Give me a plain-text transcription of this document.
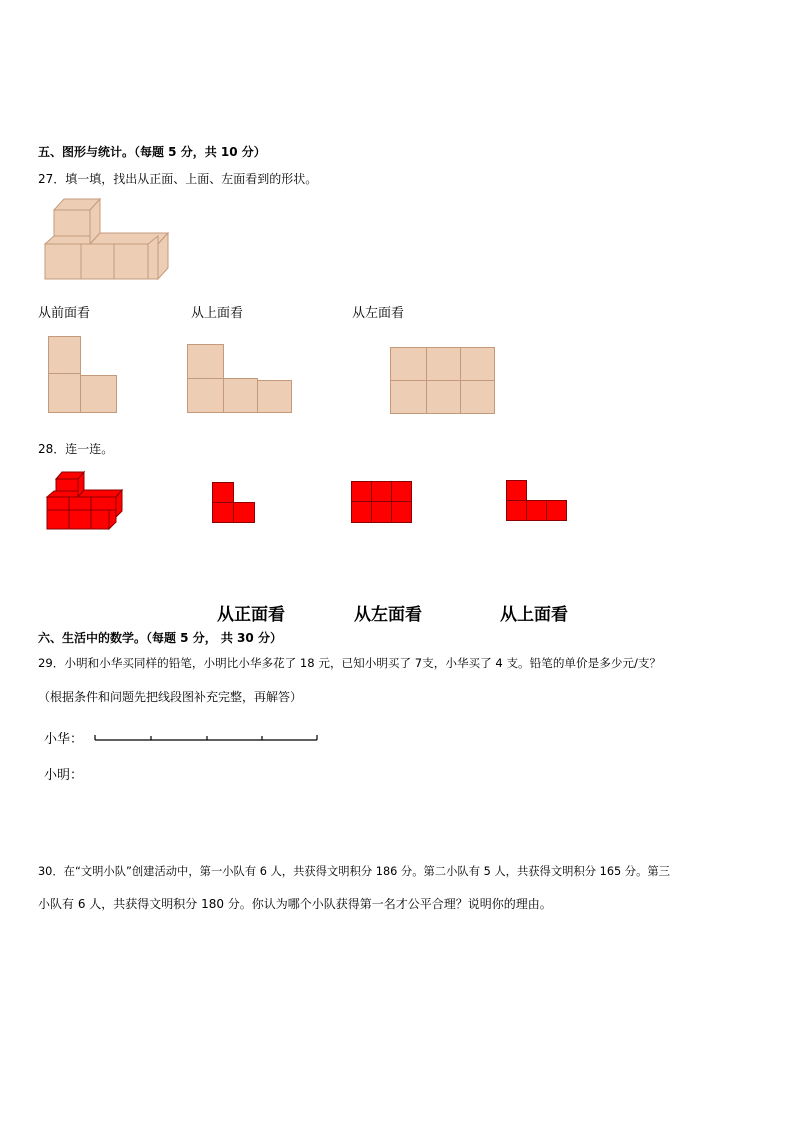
五、图形与统计。（每题 5 分，共 10 分）
27．填一填，找出从正面、上面、左面看到的形状。
从前面看	从上面看	从左面看
28．连一连。
从正面看	从左面看	从上面看
六、生活中的数学。（每题 5 分， 共 30 分）
29．小明和小华买同样的铅笔，小明比小华多花了 18 元，已知小明买了 7支，小华买了 4 支。铅笔的单价是多少元/支？
（根据条件和问题先把线段图补充完整，再解答）
小华：
小明：
30．在“文明小队”创建活动中，第一小队有 6 人，共获得文明积分 186 分。第二小队有 5 人，共获得文明积分 165 分。第三
小队有 6 人，共获得文明积分 180 分。你认为哪个小队获得第一名才公平合理？说明你的理由。
